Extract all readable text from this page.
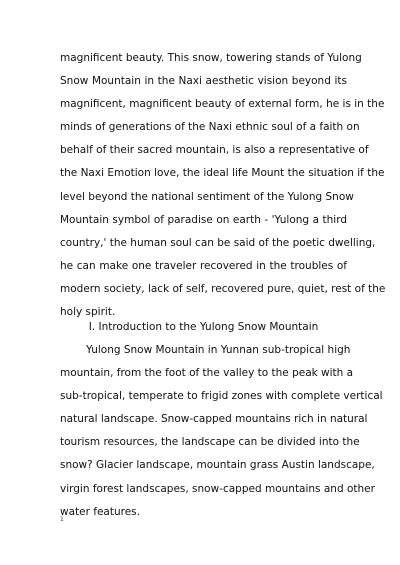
magnificent beauty. This snow, towering stands of Yulong
Snow Mountain in the Naxi aesthetic vision beyond its
magnificent, magnificent beauty of external form, he is in the
minds of generations of the Naxi ethnic soul of a faith on
behalf of their sacred mountain, is also a representative of
the Naxi Emotion love, the ideal life Mount the situation if the
level beyond the national sentiment of the Yulong Snow
Mountain symbol of paradise on earth - 'Yulong a third
country,' the human soul can be said of the poetic dwelling,
he can make one traveler recovered in the troubles of
modern society, lack of self, recovered pure, quiet, rest of the
holy spirit.
I. Introduction to the Yulong Snow Mountain
Yulong Snow Mountain in Yunnan sub-tropical high
mountain, from the foot of the valley to the peak with a
sub-tropical, temperate to frigid zones with complete vertical
natural landscape. Snow-capped mountains rich in natural
tourism resources, the landscape can be divided into the
snow? Glacier landscape, mountain grass Austin landscape,
virgin forest landscapes, snow-capped mountains and other
water features.
1
